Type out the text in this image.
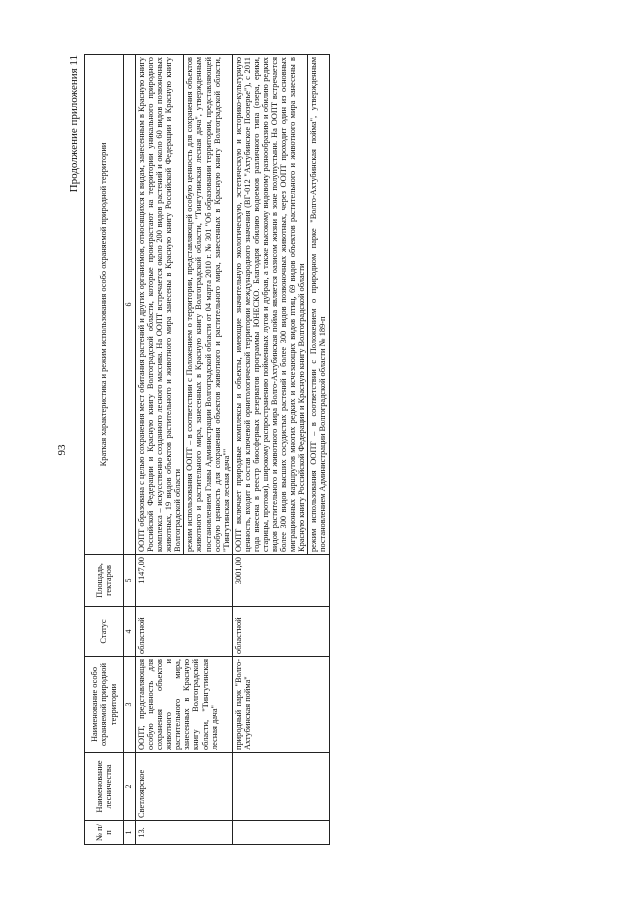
93
Продолжение приложения 11
№ п/п	Наименование лесничества	Наименование особо охраняемой природной территории	Статус	Площадь, гектаров	Краткая характеристика и режим использования особо охраняемой природной территории
1	2	3	4	5	6
13.	Светлоярское	ООПТ, представляющая особую ценность для сохранения объектов животного и растительного мира, занесенных в Красную книгу Волгоградской области, "Тингутинская лесная дача"	областной	1147,00	ООПТ образована с целью сохранения мест обитания растений и других организмов, относящихся к видам, занесенным в Красную книгу Российской Федерации и Красную книгу Волгоградской области, которые произрастают на территории уникального природного комплекса – искусственно созданного лесного массива. На ООПТ встречается около 200 видов растений и около 60 видов позвоночных животных, 19 видов объектов растительного и животного мира занесены в Красную книгу Российской Федерации и Красную книгу Волгоградской области
					режим использования ООПТ – в соответствии с Положением о территории, представляющей особую ценность для сохранения объектов животного и растительного мира, занесенных в Красную книгу Волгоградской области, "Тингутинская лесная дача", утвержденным постановлением Главы Администрации Волгоградской области от 04 марта 2010 г. № 301 "Об образовании территории, представляющей особую ценность для сохранения объектов животного и растительного мира, занесенных в Красную книгу Волгоградской области, "Тингутинская лесная дача""
		природный парк "Волго-Ахтубинская пойма"	областной	3001,00	ООПТ включает природные комплексы и объекты, имеющие значительную экологическую, эстетическую и историко-культурную ценность, входит в состав ключевой орнитологической территории международного значения (ВГ-012 "Ахтубинское Поозерье"), с 2011 года внесена в реестр биосферных резерватов программы ЮНЕСКО. Благодаря обилию водоемов различного типа (озера, ерики, старицы, протоки), широкому распространению пойменных лугов и дубрав, а также высокому видовому разнообразию и обилию редких видов растительного и животного мира Волго-Ахтубинская пойма является оазисом жизни в зоне полупустыни. На ООПТ встречается более 300 видов высших сосудистых растений и более 300 видов позвоночных животных, через ООПТ проходит один из основных миграционных маршрутов многих редких и исчезающих видов птиц, 69 видов объектов растительного и животного мира занесены в Красную книгу Российской Федерации и Красную книгу Волгоградской области
					режим использования ООПТ – в соответствии с Положением о природном парке "Волго-Ахтубинская пойма", утвержденным постановлением Администрации Волгоградской области № 189-п
